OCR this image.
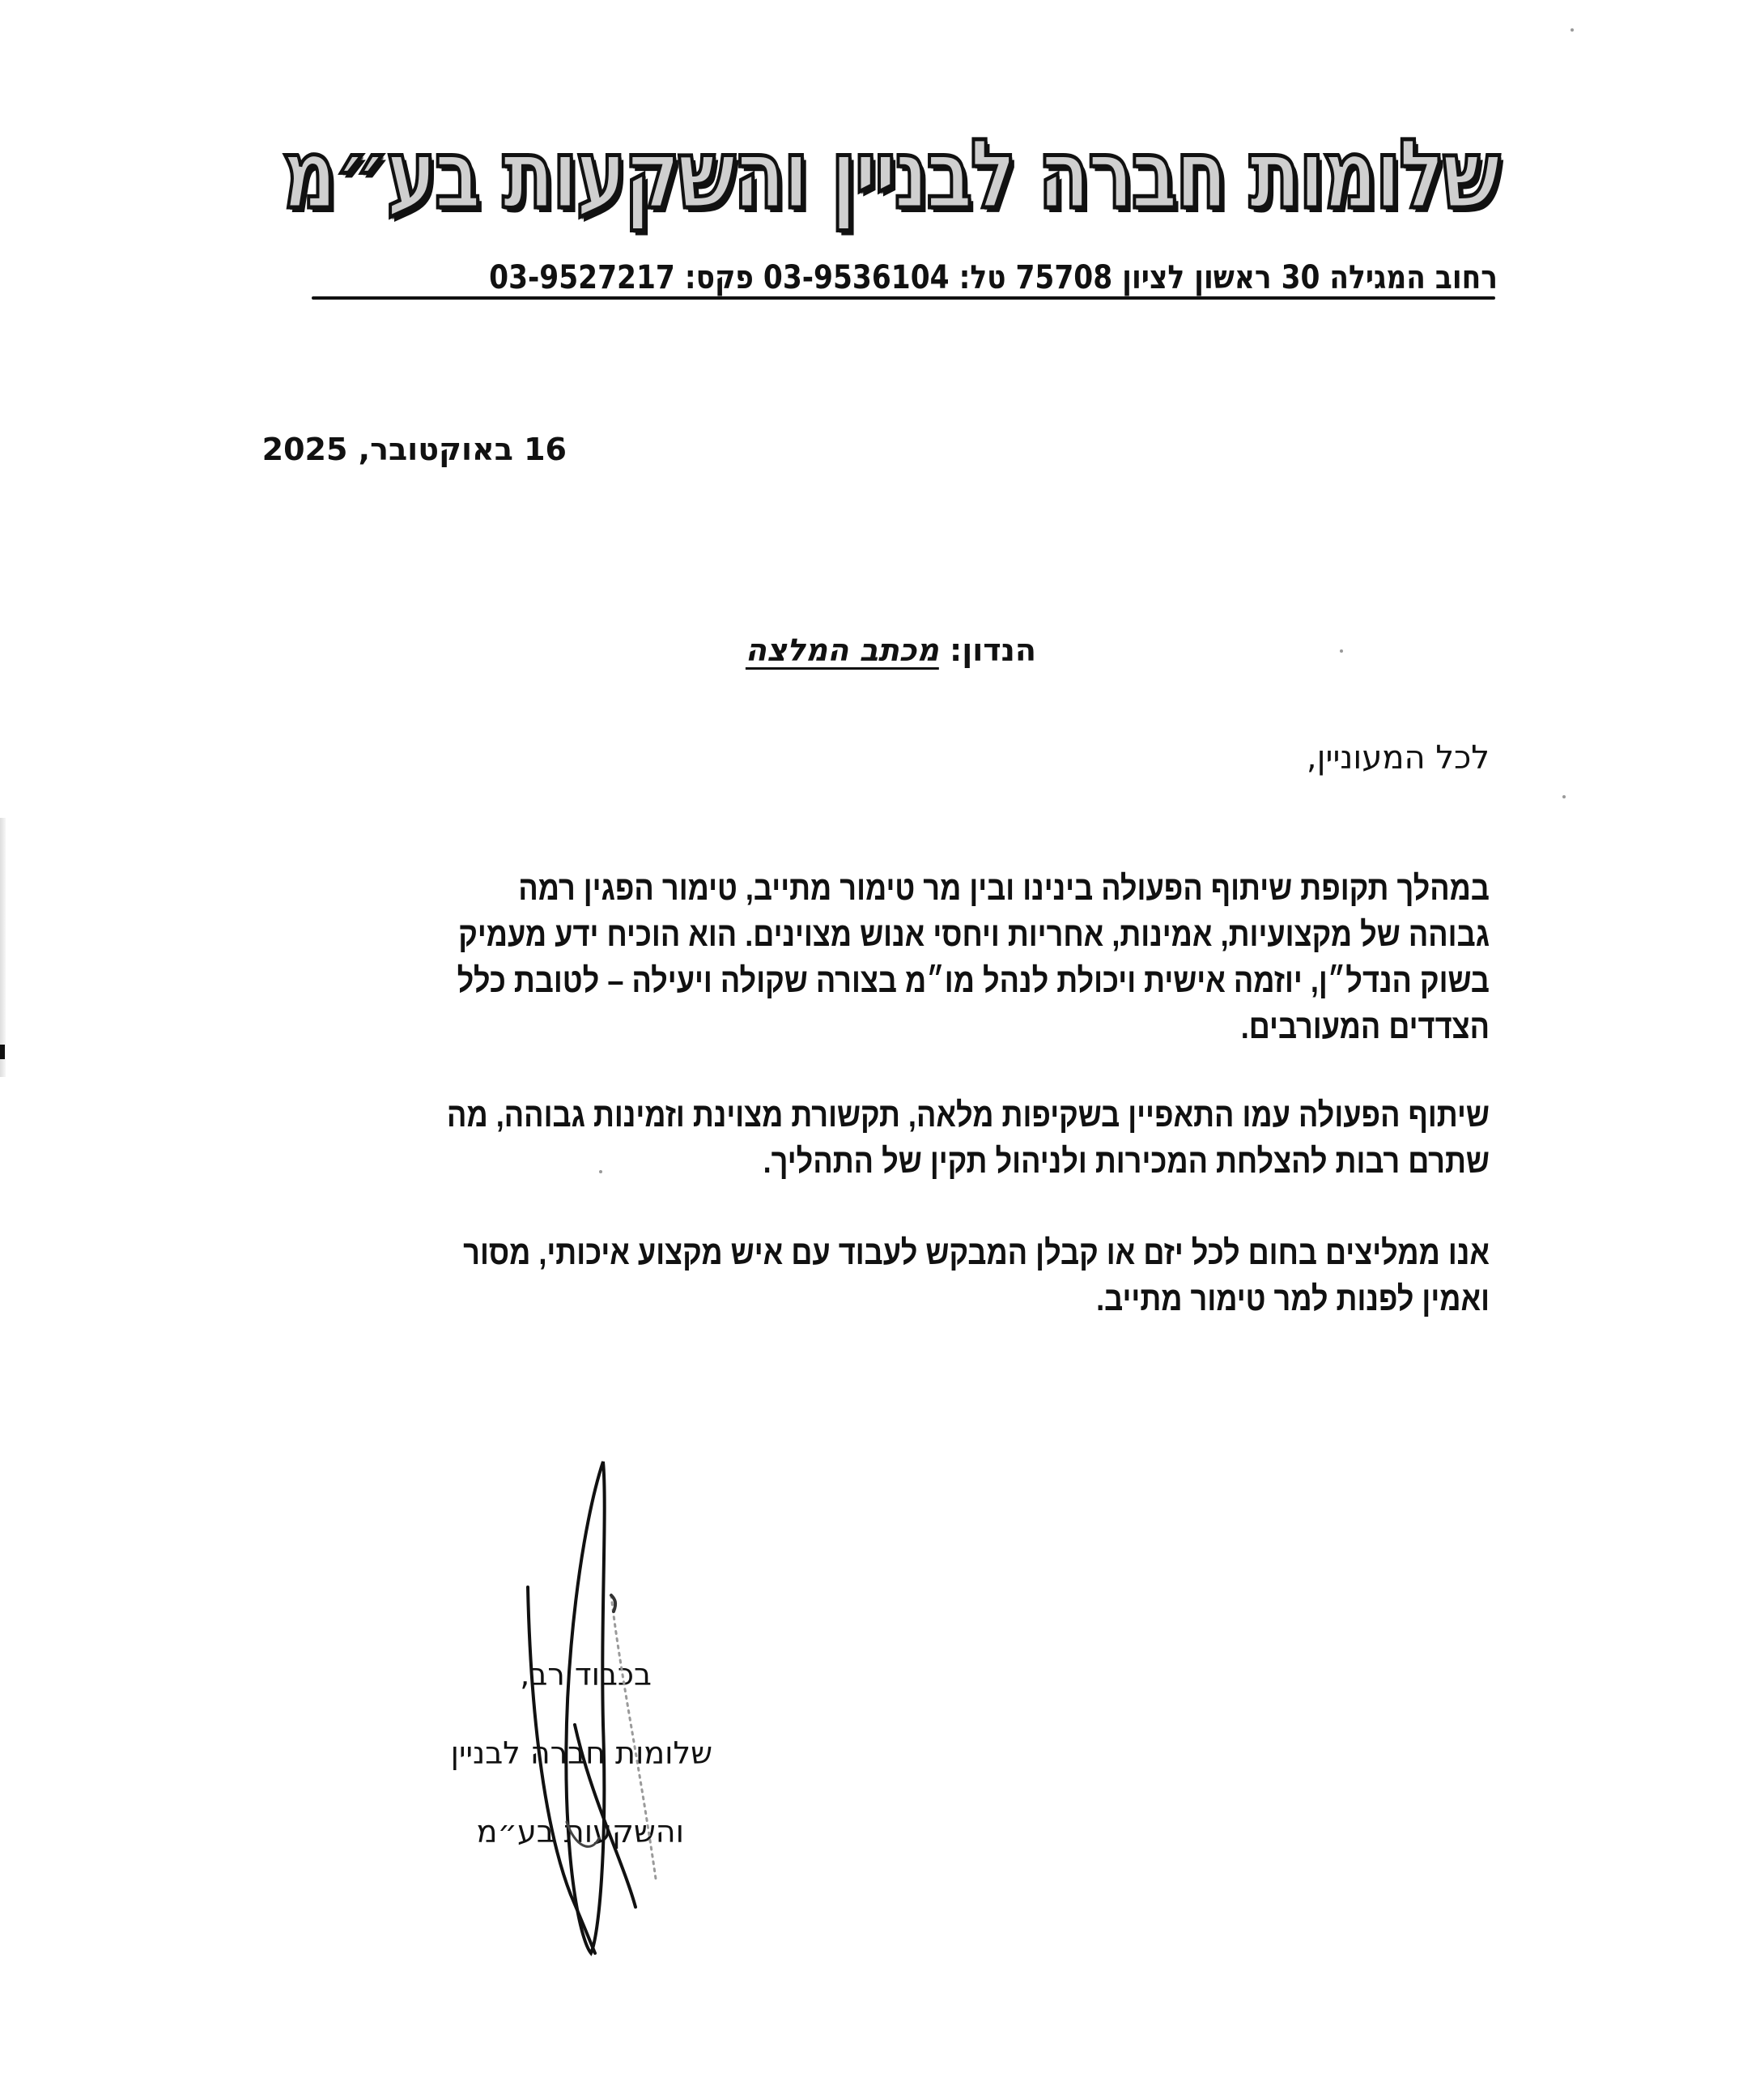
שלומות חברה לבניין והשקעות בע״מ
רחוב המגילה 30 ראשון לציון 75708 טל: 03-9536104 פקס: 03-9527217
16 באוקטובר, 2025
הנדון: מכתב המלצה
לכל המעוניין,
במהלך תקופת שיתוף הפעולה בינינו ובין מר טימור מתייב, טימור הפגין רמה
גבוהה של מקצועיות, אמינות, אחריות ויחסי אנוש מצוינים. הוא הוכיח ידע מעמיק
בשוק הנדל״ן, יוזמה אישית ויכולת לנהל מו״מ בצורה שקולה ויעילה – לטובת כלל
הצדדים המעורבים.
שיתוף הפעולה עמו התאפיין בשקיפות מלאה, תקשורת מצוינת וזמינות גבוהה, מה
שתרם רבות להצלחת המכירות ולניהול תקין של התהליך.
אנו ממליצים בחום לכל יזם או קבלן המבקש לעבוד עם איש מקצוע איכותי, מסור
ואמין לפנות למר טימור מתייב.
בכבוד רב,
שלומות חברה לבניין
והשקעות בע״מ
